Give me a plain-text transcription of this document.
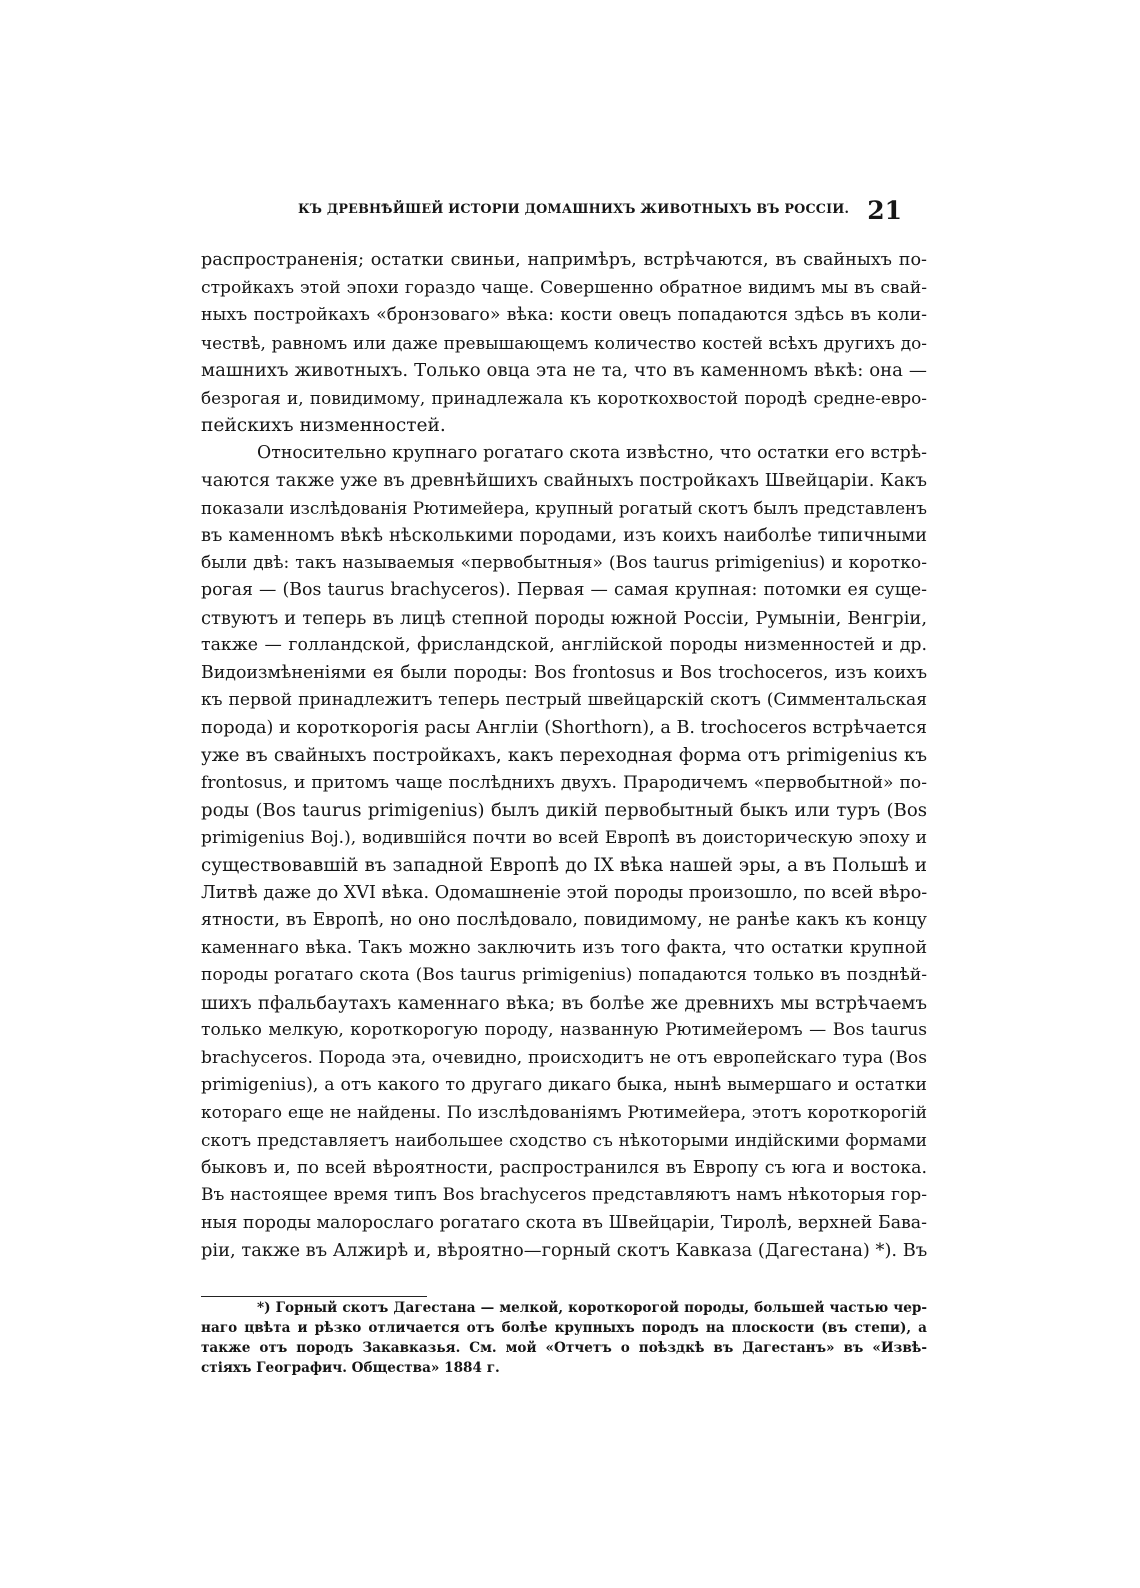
КЪ ДРЕВНѢЙШЕЙ ИСТОРІИ ДОМАШНИХЪ ЖИВОТНЫХЪ ВЪ РОССІИ. 21
распространенія; остатки свиньи, напримѣръ, встрѣчаются, въ свайныхъ по-
стройкахъ этой эпохи гораздо чаще. Совершенно обратное видимъ мы въ свай-
ныхъ постройкахъ «бронзоваго» вѣка: кости овецъ попадаются здѣсь въ коли-
чествѣ, равномъ или даже превышающемъ количество костей всѣхъ другихъ до-
машнихъ животныхъ. Только овца эта не та, что въ каменномъ вѣкѣ: она —
безрогая и, повидимому, принадлежала къ короткохвостой породѣ средне-евро-
пейскихъ низменностей.
Относительно крупнаго рогатаго скота извѣстно, что остатки его встрѣ-
чаются также уже въ древнѣйшихъ свайныхъ постройкахъ Швейцаріи. Какъ
показали изслѣдованія Рютимейера, крупный рогатый скотъ былъ представленъ
въ каменномъ вѣкѣ нѣсколькими породами, изъ коихъ наиболѣе типичными
были двѣ: такъ называемыя «первобытныя» (Bos taurus primigenius) и коротко-
рогая — (Bos taurus brachyceros). Первая — самая крупная: потомки ея суще-
ствуютъ и теперь въ лицѣ степной породы южной Россіи, Румыніи, Венгріи,
также — голландской, фрисландской, англійской породы низменностей и др.
Видоизмѣненіями ея были породы: Bos frontosus и Bos trochoceros, изъ коихъ
къ первой принадлежитъ теперь пестрый швейцарскій скотъ (Симментальская
порода) и короткорогія расы Англіи (Shorthorn), а B. trochoceros встрѣчается
уже въ свайныхъ постройкахъ, какъ переходная форма отъ primigenius къ
frontosus, и притомъ чаще послѣднихъ двухъ. Прародичемъ «первобытной» по-
роды (Bos taurus primigenius) былъ дикій первобытный быкъ или туръ (Bos
primigenius Boj.), водившійся почти во всей Европѣ въ доисторическую эпоху и
существовавшій въ западной Европѣ до IX вѣка нашей эры, а въ Польшѣ и
Литвѣ даже до XVI вѣка. Одомашненіе этой породы произошло, по всей вѣро-
ятности, въ Европѣ, но оно послѣдовало, повидимому, не ранѣе какъ къ концу
каменнаго вѣка. Такъ можно заключить изъ того факта, что остатки крупной
породы рогатаго скота (Bos taurus primigenius) попадаются только въ позднѣй-
шихъ пфальбаутахъ каменнаго вѣка; въ болѣе же древнихъ мы встрѣчаемъ
только мелкую, короткорогую породу, названную Рютимейеромъ — Bos taurus
brachyceros. Порода эта, очевидно, происходитъ не отъ европейскаго тура (Bos
primigenius), а отъ какого то другаго дикаго быка, нынѣ вымершаго и остатки
котораго еще не найдены. По изслѣдованіямъ Рютимейера, этотъ короткорогій
скотъ представляетъ наибольшее сходство съ нѣкоторыми индійскими формами
быковъ и, по всей вѣроятности, распространился въ Европу съ юга и востока.
Въ настоящее время типъ Bos brachyceros представляютъ намъ нѣкоторыя гор-
ныя породы малорослаго рогатаго скота въ Швейцаріи, Тиролѣ, верхней Бава-
ріи, также въ Алжирѣ и, вѣроятно—горный скотъ Кавказа (Дагестана) *). Въ
*) Горный скотъ Дагестана — мелкой, короткорогой породы, большей частью чер-
наго цвѣта и рѣзко отличается отъ болѣе крупныхъ породъ на плоскости (въ степи), а
также отъ породъ Закавказья. См. мой «Отчетъ о поѣздкѣ въ Дагестанъ» въ «Извѣ-
стіяхъ Географич. Общества» 1884 г.
